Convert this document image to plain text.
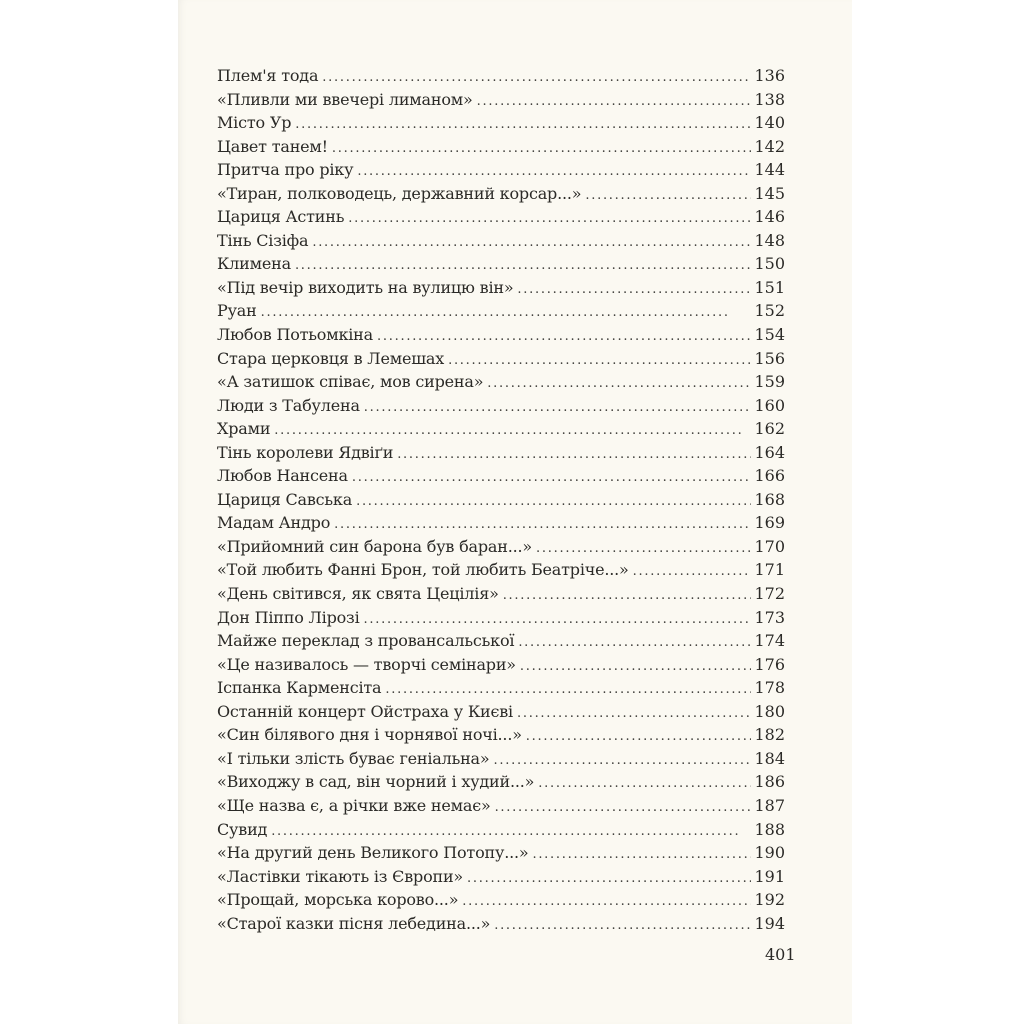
Плем'я тода . . .	136
«Пливли ми ввечері лиманом» . . .	138
Місто Ур . . .	140
Цавет танем! . . .	142
Притча про ріку . . .	144
«Тиран, полководець, державний корсар...» . . .	145
Цариця Астинь . . .	146
Тінь Сізіфа . . .	148
Климена . . .	150
«Під вечір виходить на вулицю він» . . .	151
Руан . . .	152
Любов Потьомкіна . . .	154
Стара церковця в Лемешах . . .	156
«А затишок співає, мов сирена» . . .	159
Люди з Табулена . . .	160
Храми . . .	162
Тінь королеви Ядвіґи . . .	164
Любов Нансена . . .	166
Цариця Савська . . .	168
Мадам Андро . . .	169
«Прийомний син барона був баран...» . . .	170
«Той любить Фанні Брон, той любить Беатріче...» . . .	171
«День світився, як свята Цецілія» . . .	172
Дон Піппо Лірозі . . .	173
Майже переклад з провансальської . . .	174
«Це називалось — творчі семінари» . . .	176
Іспанка Карменсіта . . .	178
Останній концерт Ойстраха у Києві . . .	180
«Син білявого дня і чорнявої ночі...» . . .	182
«І тільки злість буває геніальна» . . .	184
«Виходжу в сад, він чорний і худий...» . . .	186
«Ще назва є, а річки вже немає» . . .	187
Сувид . . .	188
«На другий день Великого Потопу...» . . .	190
«Ластівки тікають із Європи» . . .	191
«Прощай, морська корово...» . . .	192
«Старої казки пісня лебедина...» . . .	194
401
